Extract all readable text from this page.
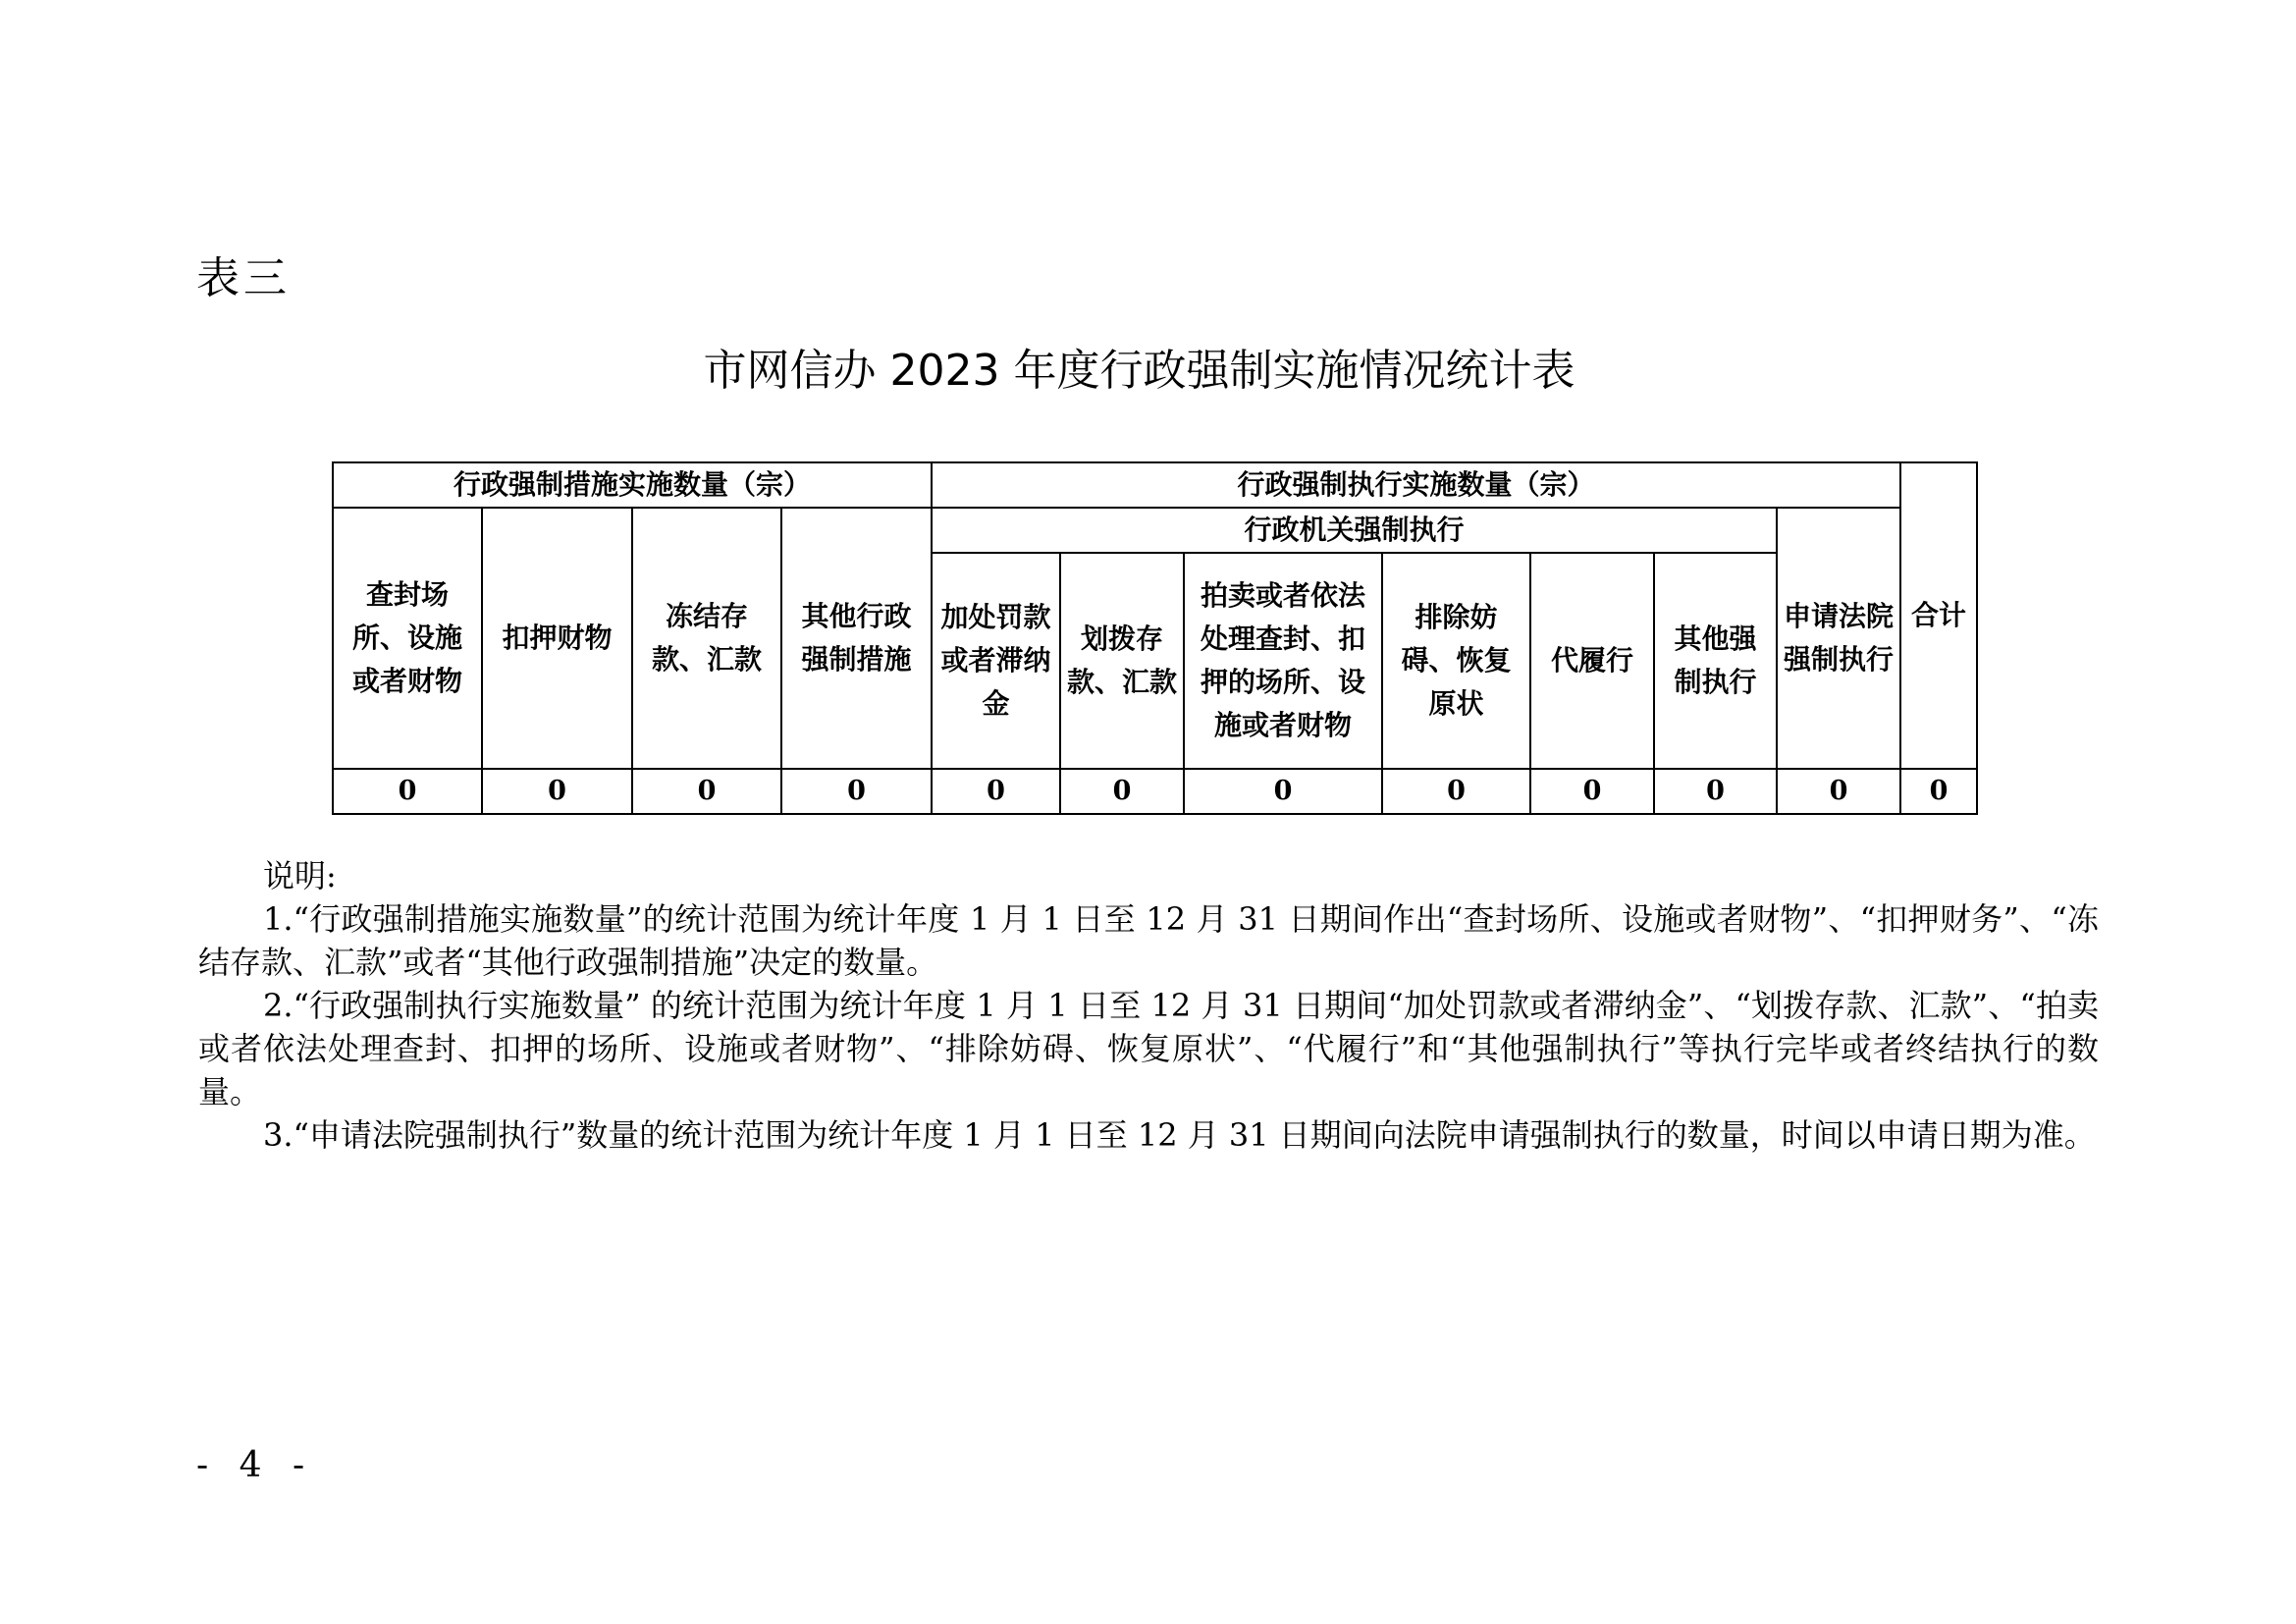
表三
市网信办 2023 年度行政强制实施情况统计表
行政强制措施实施数量（宗）				行政强制执行实施数量（宗）							合计
查封场所、设施或者财物	扣押财物	冻结存款、汇款	其他行政强制措施	行政机关强制执行						申请法院强制执行	
				加处罚款或者滞纳金	划拨存款、汇款	拍卖或者依法处理查封、扣押的场所、设施或者财物	排除妨碍、恢复原状	代履行	其他强制执行		
0	0	0	0	0	0	0	0	0	0	0	0
说明:
1.“行政强制措施实施数量”的统计范围为统计年度 1 月 1 日至 12 月 31 日期间作出“查封场所、设施或者财物”、“扣押财务”、“冻结存款、汇款”或者“其他行政强制措施”决定的数量。
2.“行政强制执行实施数量” 的统计范围为统计年度 1 月 1 日至 12 月 31 日期间“加处罚款或者滞纳金”、“划拨存款、汇款”、“拍卖或者依法处理查封、扣押的场所、设施或者财物”、“排除妨碍、恢复原状”、“代履行”和“其他强制执行”等执行完毕或者终结执行的数量。
3.“申请法院强制执行”数量的统计范围为统计年度 1 月 1 日至 12 月 31 日期间向法院申请强制执行的数量，时间以申请日期为准。
- 4 -
